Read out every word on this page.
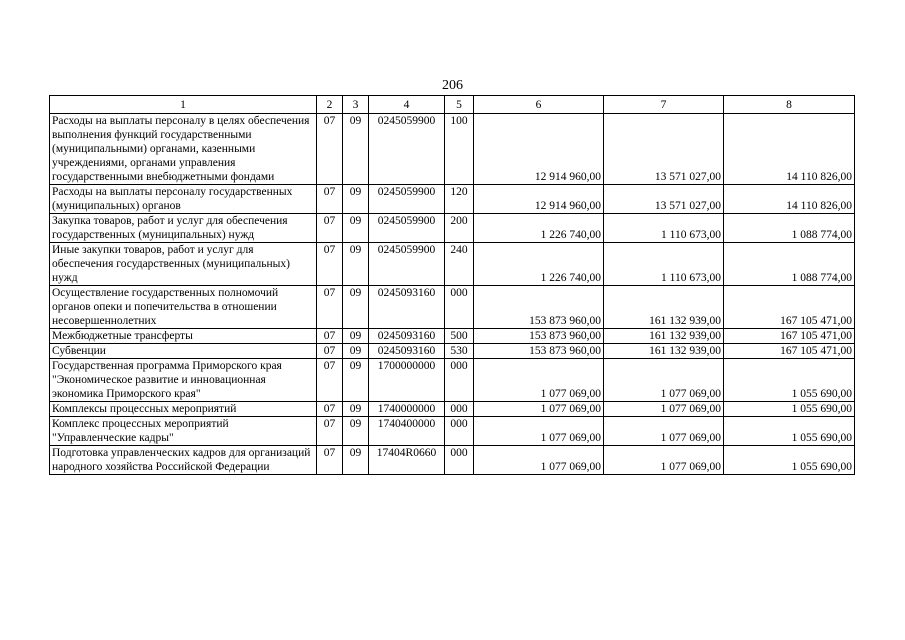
206
1	2	3	4	5	6	7	8
Расходы на выплаты персоналу в целях обеспечения выполнения функций государственными (муниципальными) органами, казенными учреждениями, органами управления государственными внебюджетными фондами	07	09	0245059900	100	12 914 960,00	13 571 027,00	14 110 826,00
Расходы на выплаты персоналу государственных (муниципальных) органов	07	09	0245059900	120	12 914 960,00	13 571 027,00	14 110 826,00
Закупка товаров, работ и услуг для обеспечения государственных (муниципальных) нужд	07	09	0245059900	200	1 226 740,00	1 110 673,00	1 088 774,00
Иные закупки товаров, работ и услуг для обеспечения государственных (муниципальных) нужд	07	09	0245059900	240	1 226 740,00	1 110 673,00	1 088 774,00
Осуществление государственных полномочий органов опеки и попечительства в отношении несовершеннолетних	07	09	0245093160	000	153 873 960,00	161 132 939,00	167 105 471,00
Межбюджетные трансферты	07	09	0245093160	500	153 873 960,00	161 132 939,00	167 105 471,00
Субвенции	07	09	0245093160	530	153 873 960,00	161 132 939,00	167 105 471,00
Государственная программа Приморского края "Экономическое развитие и инновационная экономика Приморского края"	07	09	1700000000	000	1 077 069,00	1 077 069,00	1 055 690,00
Комплексы процессных мероприятий	07	09	1740000000	000	1 077 069,00	1 077 069,00	1 055 690,00
Комплекс процессных мероприятий "Управленческие кадры"	07	09	1740400000	000	1 077 069,00	1 077 069,00	1 055 690,00
Подготовка управленческих кадров для организаций народного хозяйства Российской Федерации	07	09	17404R0660	000	1 077 069,00	1 077 069,00	1 055 690,00
